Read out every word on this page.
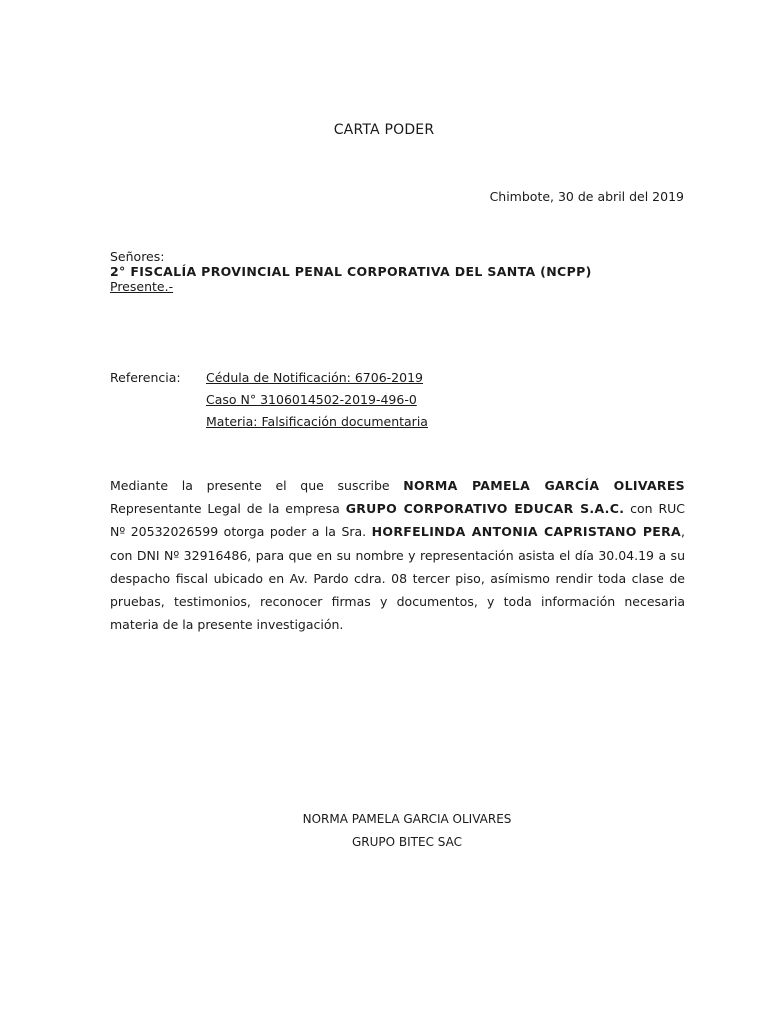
CARTA PODER
Chimbote, 30 de abril del 2019
Señores:
2° FISCALÍA PROVINCIAL PENAL CORPORATIVA DEL SANTA (NCPP)
Presente.-
Referencia:	Cédula de Notificación: 6706-2019
Caso N° 3106014502-2019-496-0
Materia: Falsificación documentaria
Mediante la presente el que suscribe NORMA PAMELA GARCÍA OLIVARES Representante Legal de la empresa GRUPO CORPORATIVO EDUCAR S.A.C. con RUC Nº 20532026599 otorga poder a la Sra. HORFELINDA ANTONIA CAPRISTANO PERA, con DNI Nº 32916486, para que en su nombre y representación asista el día 30.04.19 a su despacho fiscal ubicado en Av. Pardo cdra. 08 tercer piso, asímismo rendir toda clase de pruebas, testimonios, reconocer firmas y documentos, y toda información necesaria materia de la presente investigación.
NORMA PAMELA GARCIA OLIVARES
GRUPO BITEC SAC
